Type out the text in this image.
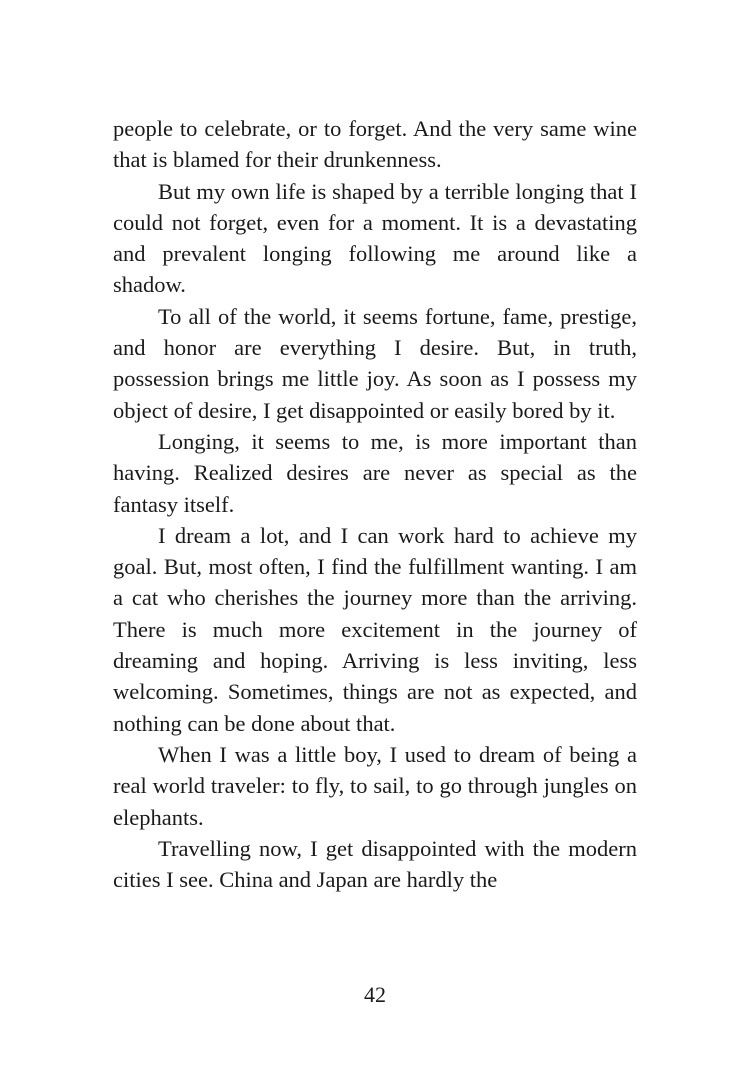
people to celebrate, or to forget. And the very same wine that is blamed for their drunkenness.

But my own life is shaped by a terrible longing that I could not forget, even for a moment. It is a devastating and prevalent longing following me around like a shadow.

To all of the world, it seems fortune, fame, prestige, and honor are everything I desire. But, in truth, possession brings me little joy. As soon as I possess my object of desire, I get disappointed or easily bored by it.

Longing, it seems to me, is more important than having. Realized desires are never as special as the fantasy itself.

I dream a lot, and I can work hard to achieve my goal. But, most often, I find the fulfillment wanting. I am a cat who cherishes the journey more than the arriving. There is much more excitement in the journey of dreaming and hoping. Arriving is less inviting, less welcoming. Sometimes, things are not as expected, and nothing can be done about that.

When I was a little boy, I used to dream of being a real world traveler: to fly, to sail, to go through jungles on elephants.

Travelling now, I get disappointed with the modern cities I see. China and Japan are hardly the

42
